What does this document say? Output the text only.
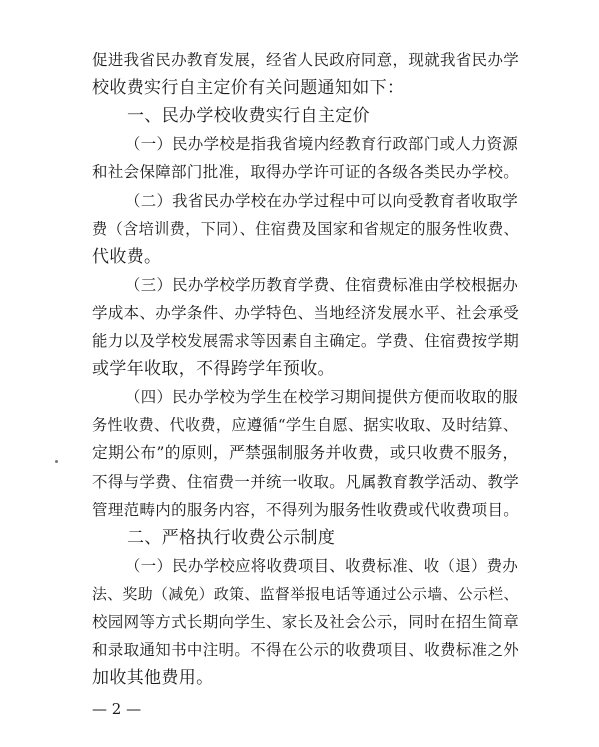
促进我省民办教育发展，经省人民政府同意，现就我省民办学
校收费实行自主定价有关问题通知如下：
一、民办学校收费实行自主定价
（一）民办学校是指我省境内经教育行政部门或人力资源
和社会保障部门批准，取得办学许可证的各级各类民办学校。
（二）我省民办学校在办学过程中可以向受教育者收取学
费（含培训费，下同）、住宿费及国家和省规定的服务性收费、
代收费。
（三）民办学校学历教育学费、住宿费标准由学校根据办
学成本、办学条件、办学特色、当地经济发展水平、社会承受
能力以及学校发展需求等因素自主确定。学费、住宿费按学期
或学年收取，不得跨学年预收。
（四）民办学校为学生在校学习期间提供方便而收取的服
务性收费、代收费，应遵循“学生自愿、据实收取、及时结算、
定期公布”的原则，严禁强制服务并收费，或只收费不服务，
不得与学费、住宿费一并统一收取。凡属教育教学活动、教学
管理范畴内的服务内容，不得列为服务性收费或代收费项目。
二、严格执行收费公示制度
（一）民办学校应将收费项目、收费标准、收（退）费办
法、奖助（减免）政策、监督举报电话等通过公示墙、公示栏、
校园网等方式长期向学生、家长及社会公示，同时在招生简章
和录取通知书中注明。不得在公示的收费项目、收费标准之外
加收其他费用。
— 2 —
